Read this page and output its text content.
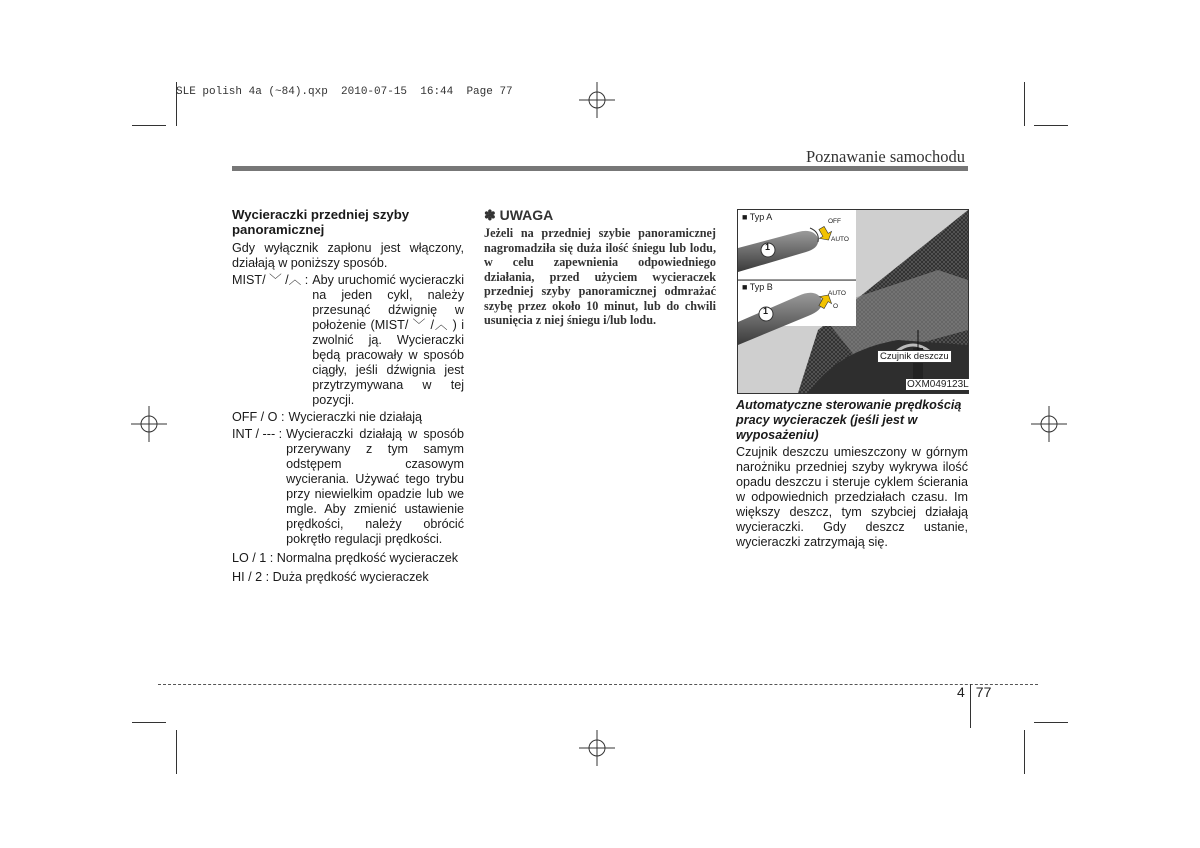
SLE polish 4a (~84).qxp  2010-07-15  16:44  Page 77
Poznawanie samochodu
Wycieraczki przedniej szyby panoramicznej
Gdy wyłącznik zapłonu jest włączony, działają w poniższy sposób.
MIST/ ﹀ /︿ : Aby uruchomić wycieraczki na jeden cykl, należy przesunąć dźwignię w położenie (MIST/ ﹀ /︿ ) i zwolnić ją. Wycieraczki będą pracowały w sposób ciągły, jeśli dźwignia jest przytrzymywana w tej pozycji.
OFF / O : Wycieraczki nie działają
INT / --- : Wycieraczki działają w sposób przerywany z tym samym odstępem czasowym wycierania. Używać tego trybu przy niewielkim opadzie lub we mgle. Aby zmienić ustawienie prędkości, należy obrócić pokrętło regulacji prędkości.
LO / 1 : Normalna prędkość wycieraczek
HI / 2 : Duża prędkość wycieraczek
✽ UWAGA
Jeżeli na przedniej szybie panoramicznej nagromadziła się duża ilość śniegu lub lodu, w celu zapewnienia odpowiedniego działania, przed użyciem wycieraczek przedniej szyby panoramicznej odmrażać szybę przez około 10 minut, lub do chwili usunięcia z niej śniegu i/lub lodu.
■ Typ A	OFF
AUTO
1
■ Typ B
AUTO
O
1
Czujnik deszczu
OXM049123L
Automatyczne sterowanie prędkością pracy wycieraczek (jeśli jest w wyposażeniu)
Czujnik deszczu umieszczony w górnym narożniku przedniej szyby wykrywa ilość opadu deszczu i steruje cyklem ścierania w odpowiednich przedziałach czasu. Im większy deszcz, tym szybciej działają wycieraczki. Gdy deszcz ustanie, wycieraczki zatrzymają się.
4 77
